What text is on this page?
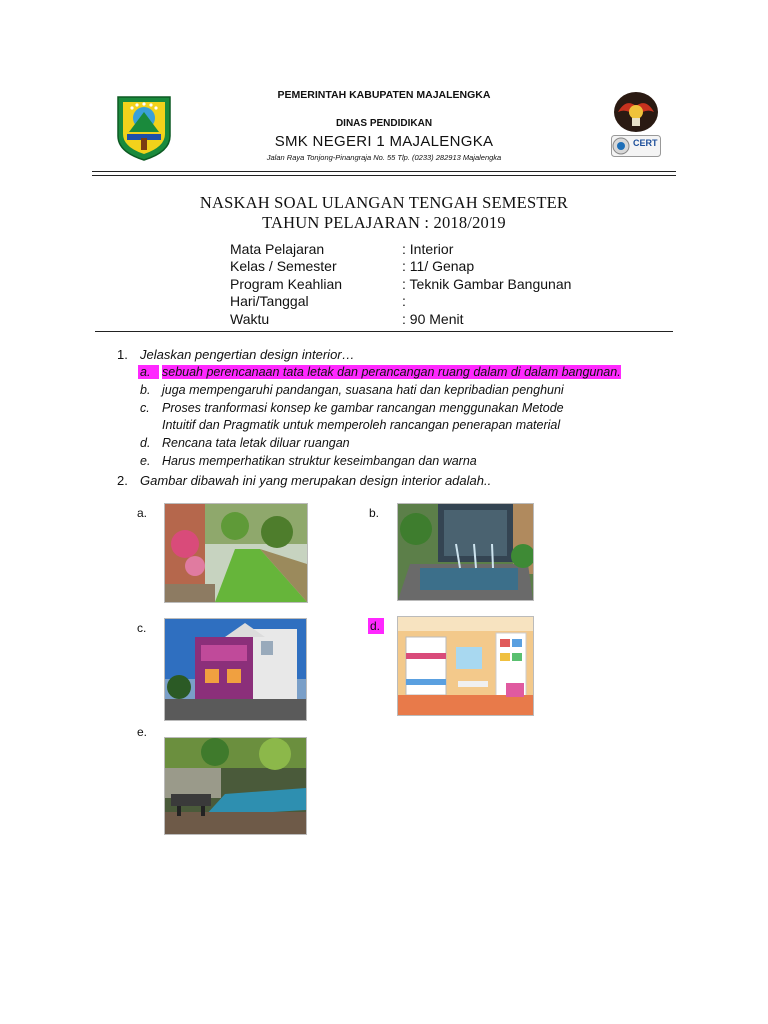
CERT
PEMERINTAH KABUPATEN MAJALENGKA
DINAS PENDIDIKAN
SMK NEGERI 1 MAJALENGKA
Jalan Raya Tonjong-Pinangraja No. 55 Tlp. (0233) 282913 Majalengka
NASKAH SOAL ULANGAN TENGAH SEMESTER
TAHUN PELAJARAN : 2018/2019
Mata Pelajaran	: Interior
Kelas / Semester	: 11/ Genap
Program Keahlian	: Teknik Gambar Bangunan
Hari/Tanggal	:
Waktu	: 90 Menit
1. Jelaskan pengertian design interior…
a. sebuah perencanaan tata letak dan perancangan ruang dalam di dalam bangunan.
b. juga mempengaruhi pandangan, suasana hati dan kepribadian penghuni
c. Proses tranformasi konsep ke gambar rancangan menggunakan Metode
Intuitif dan Pragmatik untuk memperoleh rancangan penerapan material
d. Rencana tata letak diluar ruangan
e. Harus memperhatikan struktur keseimbangan dan warna
2. Gambar dibawah ini yang merupakan design interior adalah..
a.	b.
c.	d.
e.
